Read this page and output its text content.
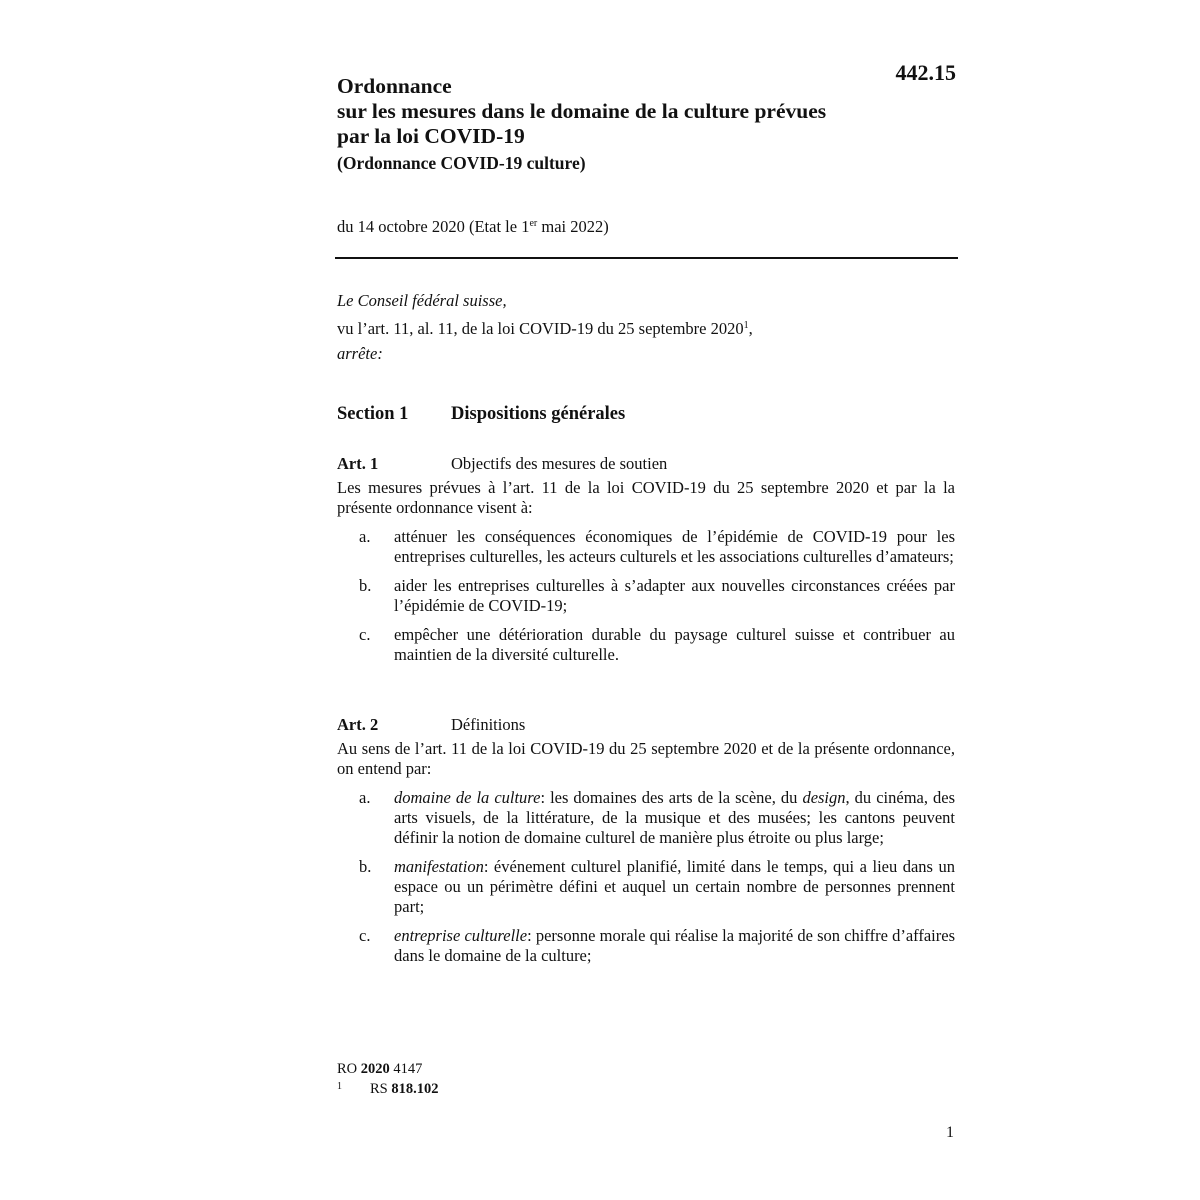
442.15
Ordonnance
sur les mesures dans le domaine de la culture prévues
par la loi COVID-19
(Ordonnance COVID-19 culture)
du 14 octobre 2020 (Etat le 1er mai 2022)
Le Conseil fédéral suisse,
vu l’art. 11, al. 11, de la loi COVID-19 du 25 septembre 2020$^1$,
arrête:
Section 1 Dispositions générales
Art. 1	Objectifs des mesures de soutien
Les mesures prévues à l’art. 11 de la loi COVID-19 du 25 septembre 2020 et par la la présente ordonnance visent à:
a. atténuer les conséquences économiques de l’épidémie de COVID-19 pour les entreprises culturelles, les acteurs culturels et les associations culturelles d’amateurs;
b. aider les entreprises culturelles à s’adapter aux nouvelles circonstances créées par l’épidémie de COVID-19;
c. empêcher une détérioration durable du paysage culturel suisse et contribuer au maintien de la diversité culturelle.
Art. 2	Définitions
Au sens de l’art. 11 de la loi COVID-19 du 25 septembre 2020 et de la présente ordonnance, on entend par:
a. domaine de la culture: les domaines des arts de la scène, du design, du cinéma, des arts visuels, de la littérature, de la musique et des musées; les cantons peuvent définir la notion de domaine culturel de manière plus étroite ou plus large;
b. manifestation: événement culturel planifié, limité dans le temps, qui a lieu dans un espace ou un périmètre défini et auquel un certain nombre de personnes prennent part;
c. entreprise culturelle: personne morale qui réalise la majorité de son chiffre d’affaires dans le domaine de la culture;
RO 2020 4147
1 RS 818.102
1
